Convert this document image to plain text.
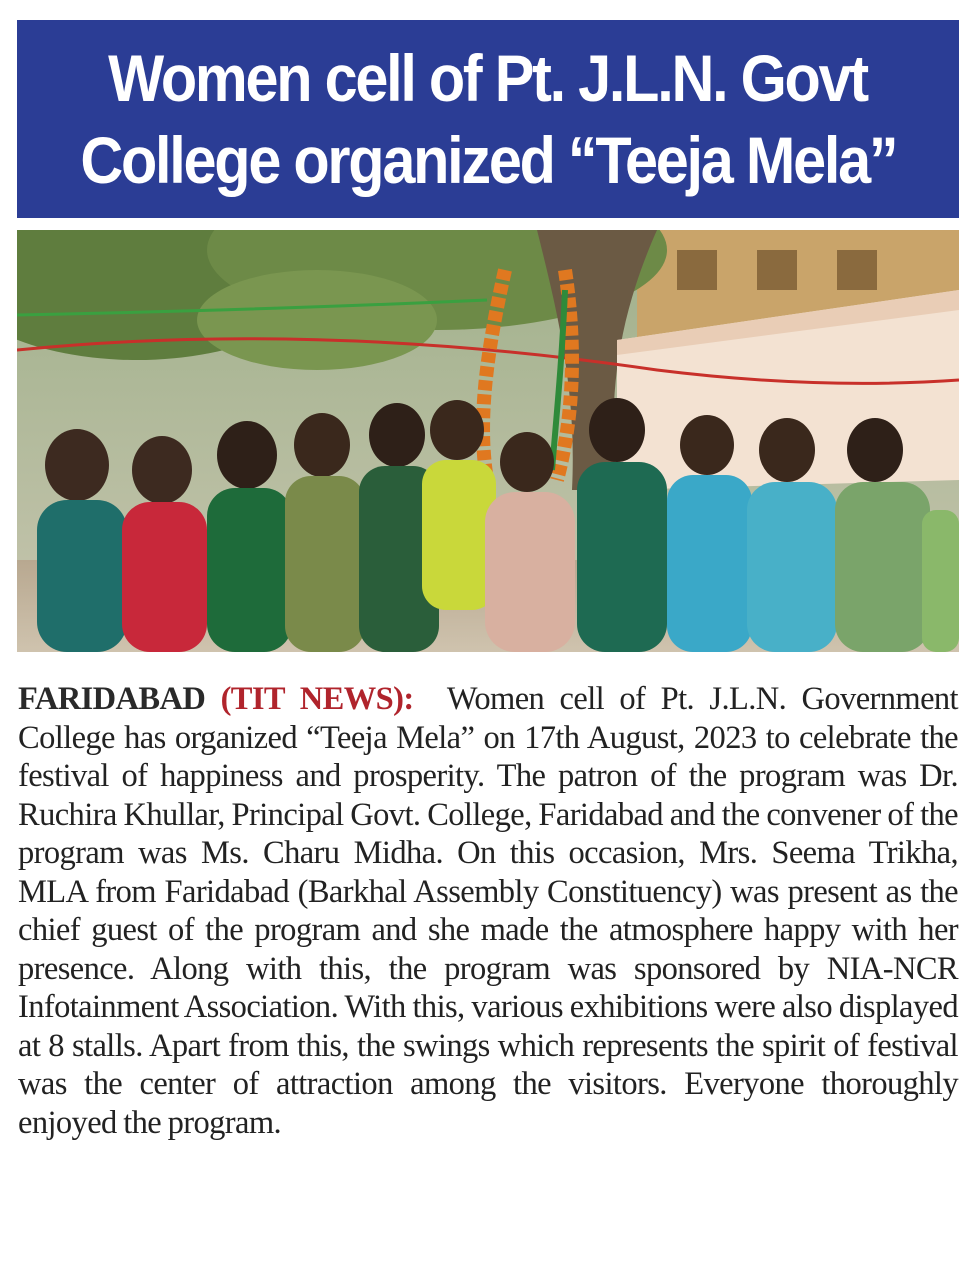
Women cell of Pt. J.L.N. Govt
College organized “Teeja Mela”
FARIDABAD (TIT NEWS): Women cell of Pt. J.L.N. Government College has organized “Teeja Mela” on 17th August, 2023 to celebrate the festival of happiness and prosperity. The patron of the program was Dr. Ruchira Khullar, Principal Govt. College, Faridabad and the convener of the program was Ms. Charu Midha. On this occasion, Mrs. Seema Trikha, MLA from Faridabad (Barkhal Assembly Constituency) was present as the chief guest of the program and she made the atmosphere happy with her presence. Along with this, the program was sponsored by NIA-NCR Infotainment Association. With this, various exhibitions were also displayed at 8 stalls. Apart from this, the swings which represents the spirit of festival was the center of attraction among the visitors. Everyone thoroughly enjoyed the program.
